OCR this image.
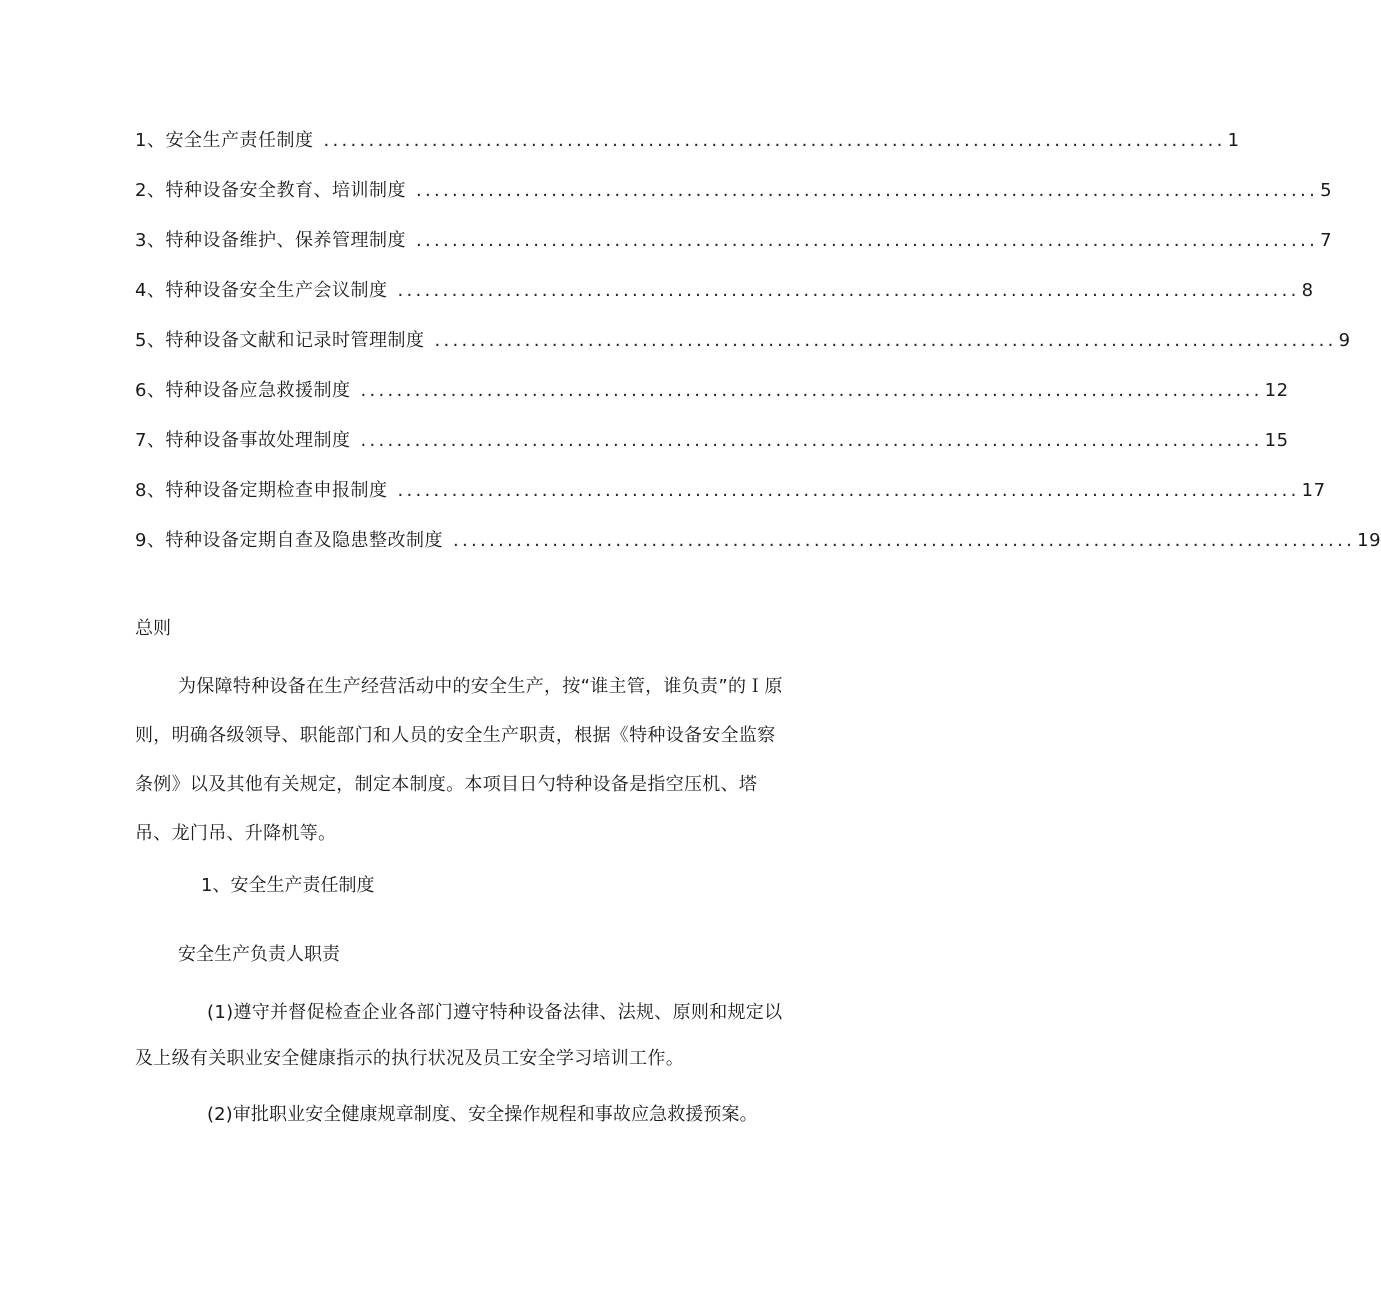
1、安全生产责任制度 .................................................................................................... 1
2、特种设备安全教育、培训制度 .................................................................................................... 5
3、特种设备维护、保养管理制度 .................................................................................................... 7
4、特种设备安全生产会议制度 .................................................................................................... 8
5、特种设备文献和记录时管理制度 .................................................................................................... 9
6、特种设备应急救援制度 .................................................................................................... 12
7、特种设备事故处理制度 .................................................................................................... 15
8、特种设备定期检查申报制度 .................................................................................................... 17
9、特种设备定期自查及隐患整改制度 .................................................................................................... 19
总则
为保障特种设备在生产经营活动中的安全生产，按“谁主管，谁负责”的Ｉ原则，明确各级领导、职能部门和人员的安全生产职责，根据《特种设备安全监察条例》以及其他有关规定，制定本制度。本项目日勺特种设备是指空压机、塔吊、龙门吊、升降机等。
1、安全生产责任制度
安全生产负责人职责
(1)遵守并督促检查企业各部门遵守特种设备法律、法规、原则和规定以及上级有关职业安全健康指示的执行状况及员工安全学习培训工作。
(2)审批职业安全健康规章制度、安全操作规程和事故应急救援预案。
